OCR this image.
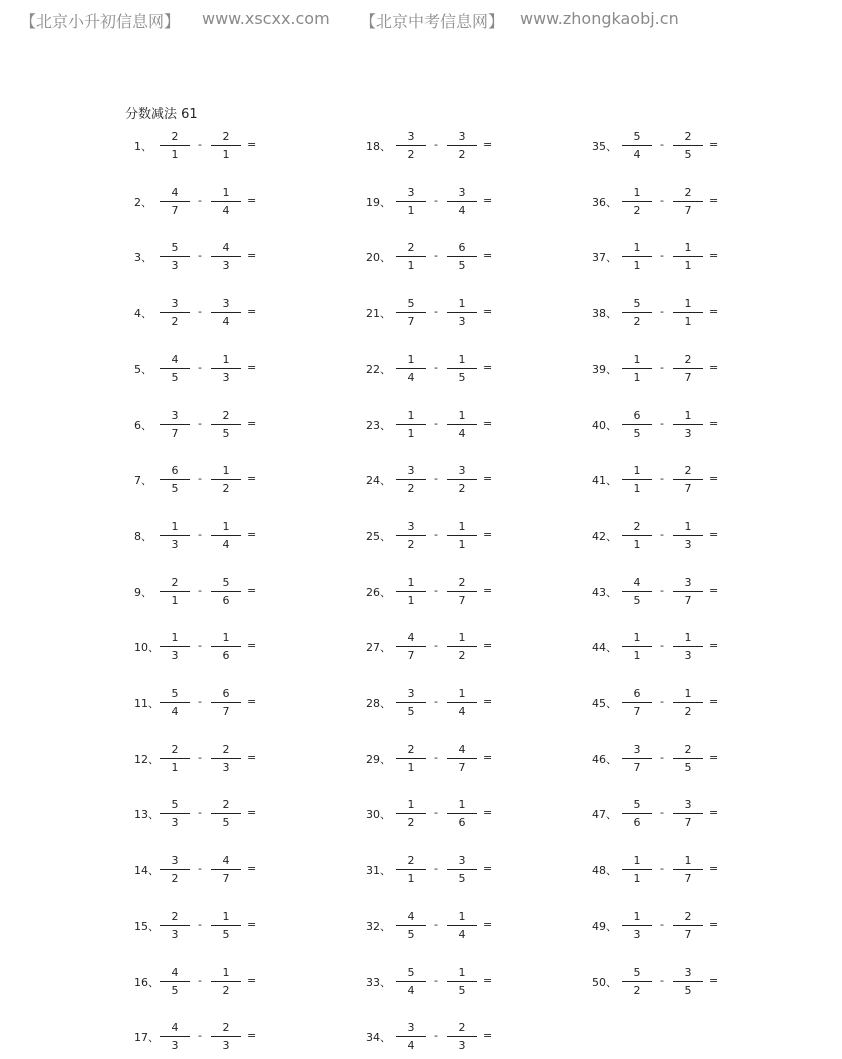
【北京小升初信息网】 www.xscxx.com 【北京中考信息网】 www.zhongkaobj.cn
分数减法 61
1、
2
1
-
2
1
=
2、
4
7
-
1
4
=
3、
5
3
-
4
3
=
4、
3
2
-
3
4
=
5、
4
5
-
1
3
=
6、
3
7
-
2
5
=
7、
6
5
-
1
2
=
8、
1
3
-
1
4
=
9、
2
1
-
5
6
=
10、
1
3
-
1
6
=
11、
5
4
-
6
7
=
12、
2
1
-
2
3
=
13、
5
3
-
2
5
=
14、
3
2
-
4
7
=
15、
2
3
-
1
5
=
16、
4
5
-
1
2
=
17、
4
3
-
2
3
=
18、
3
2
-
3
2
=
19、
3
1
-
3
4
=
20、
2
1
-
6
5
=
21、
5
7
-
1
3
=
22、
1
4
-
1
5
=
23、
1
1
-
1
4
=
24、
3
2
-
3
2
=
25、
3
2
-
1
1
=
26、
1
1
-
2
7
=
27、
4
7
-
1
2
=
28、
3
5
-
1
4
=
29、
2
1
-
4
7
=
30、
1
2
-
1
6
=
31、
2
1
-
3
5
=
32、
4
5
-
1
4
=
33、
5
4
-
1
5
=
34、
3
4
-
2
3
=
35、
5
4
-
2
5
=
36、
1
2
-
2
7
=
37、
1
1
-
1
1
=
38、
5
2
-
1
1
=
39、
1
1
-
2
7
=
40、
6
5
-
1
3
=
41、
1
1
-
2
7
=
42、
2
1
-
1
3
=
43、
4
5
-
3
7
=
44、
1
1
-
1
3
=
45、
6
7
-
1
2
=
46、
3
7
-
2
5
=
47、
5
6
-
3
7
=
48、
1
1
-
1
7
=
49、
1
3
-
2
7
=
50、
5
2
-
3
5
=
